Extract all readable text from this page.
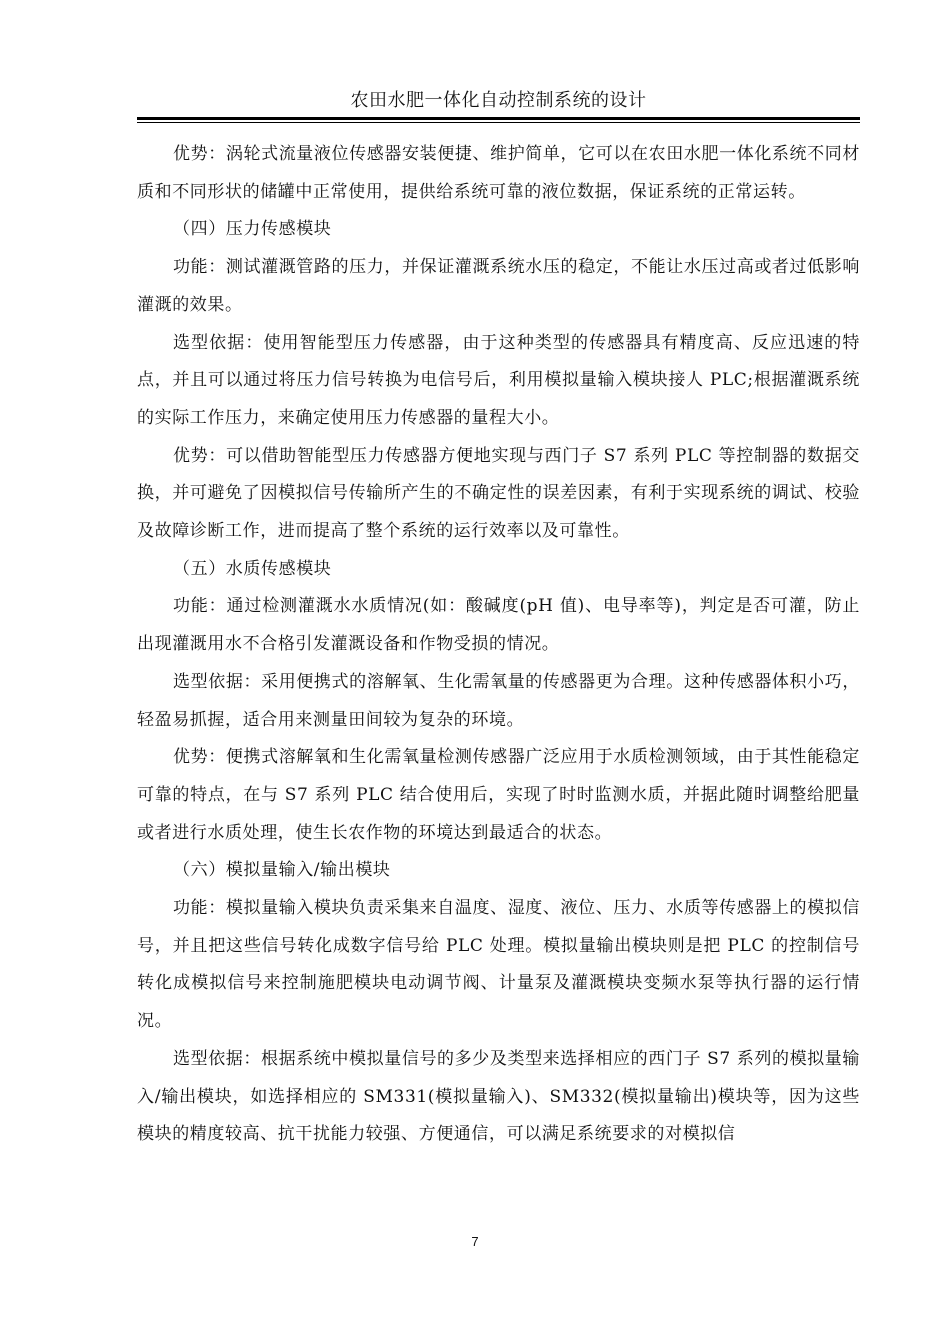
农田水肥一体化自动控制系统的设计

优势：涡轮式流量液位传感器安装便捷、维护简单，它可以在农田水肥一体化系统不同材质和不同形状的储罐中正常使用，提供给系统可靠的液位数据，保证系统的正常运转。

（四）压力传感模块

功能：测试灌溉管路的压力，并保证灌溉系统水压的稳定，不能让水压过高或者过低影响灌溉的效果。

选型依据：使用智能型压力传感器，由于这种类型的传感器具有精度高、反应迅速的特点，并且可以通过将压力信号转换为电信号后，利用模拟量输入模块接人 PLC;根据灌溉系统的实际工作压力，来确定使用压力传感器的量程大小。

优势：可以借助智能型压力传感器方便地实现与西门子 S7 系列 PLC 等控制器的数据交换，并可避免了因模拟信号传输所产生的不确定性的误差因素，有利于实现系统的调试、校验及故障诊断工作，进而提高了整个系统的运行效率以及可靠性。

（五）水质传感模块

功能：通过检测灌溉水水质情况(如：酸碱度(pH 值)、电导率等)，判定是否可灌，防止出现灌溉用水不合格引发灌溉设备和作物受损的情况。

选型依据：采用便携式的溶解氧、生化需氧量的传感器更为合理。这种传感器体积小巧，轻盈易抓握，适合用来测量田间较为复杂的环境。

优势：便携式溶解氧和生化需氧量检测传感器广泛应用于水质检测领域，由于其性能稳定可靠的特点，在与 S7 系列 PLC 结合使用后，实现了时时监测水质，并据此随时调整给肥量或者进行水质处理，使生长农作物的环境达到最适合的状态。

（六）模拟量输入/输出模块

功能：模拟量输入模块负责采集来自温度、湿度、液位、压力、水质等传感器上的模拟信号，并且把这些信号转化成数字信号给 PLC 处理。模拟量输出模块则是把 PLC 的控制信号转化成模拟信号来控制施肥模块电动调节阀、计量泵及灌溉模块变频水泵等执行器的运行情况。

选型依据：根据系统中模拟量信号的多少及类型来选择相应的西门子 S7 系列的模拟量输入/输出模块，如选择相应的 SM331(模拟量输入)、SM332(模拟量输出)模块等，因为这些模块的精度较高、抗干扰能力较强、方便通信，可以满足系统要求的对模拟信

7
